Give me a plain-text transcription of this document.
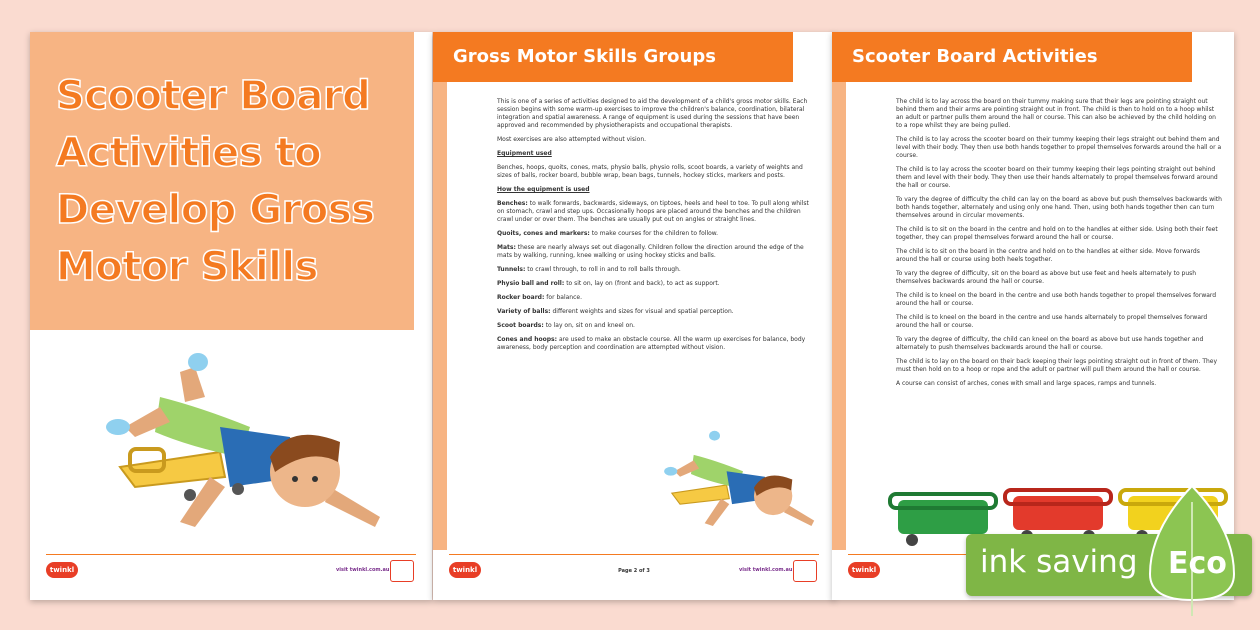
Scooter Board Activities to Develop Gross Motor Skills
twinkl	visit twinkl.com.au
Gross Motor Skills Groups

This is one of a series of activities designed to aid the development of a child's gross motor skills. Each session begins with some warm-up exercises to improve the children's balance, coordination, bilateral integration and spatial awareness. A range of equipment is used during the sessions that have been approved and recommended by physiotherapists and occupational therapists.

Most exercises are also attempted without vision.

Equipment used

Benches, hoops, quoits, cones, mats, physio balls, physio rolls, scoot boards, a variety of weights and sizes of balls, rocker board, bubble wrap, bean bags, tunnels, hockey sticks, markers and posts.

How the equipment is used

Benches: to walk forwards, backwards, sideways, on tiptoes, heels and heel to toe. To pull along whilst on stomach, crawl and step ups. Occasionally hoops are placed around the benches and the children crawl under or over them. The benches are usually put out on angles or straight lines.

Quoits, cones and markers: to make courses for the children to follow.

Mats: these are nearly always set out diagonally. Children follow the direction around the edge of the mats by walking, running, knee walking or using hockey sticks and balls.

Tunnels: to crawl through, to roll in and to roll balls through.

Physio ball and roll: to sit on, lay on (front and back), to act as support.

Rocker board: for balance.

Variety of balls: different weights and sizes for visual and spatial perception.

Scoot boards: to lay on, sit on and kneel on.

Cones and hoops: are used to make an obstacle course. All the warm up exercises for balance, body awareness, body perception and coordination are attempted without vision.

twinkl	Page 2 of 3	visit twinkl.com.au
Scooter Board Activities

The child is to lay across the board on their tummy making sure that their legs are pointing straight out behind them and their arms are pointing straight out in front. The child is then to hold on to a hoop whilst an adult or partner pulls them around the hall or course. This can also be achieved by the child holding on to a rope whilst they are being pulled.

The child is to lay across the scooter board on their tummy keeping their legs straight out behind them and level with their body. They then use both hands together to propel themselves forwards around the hall or a course.

The child is to lay across the scooter board on their tummy keeping their legs pointing straight out behind them and level with their body. They then use their hands alternately to propel themselves forward around the hall or course.

To vary the degree of difficulty the child can lay on the board as above but push themselves backwards with both hands together, alternately and using only one hand. Then, using both hands together then can turn themselves around in circular movements.

The child is to sit on the board in the centre and hold on to the handles at either side. Using both their feet together, they can propel themselves forward around the hall or course.

The child is to sit on the board in the centre and hold on to the handles at either side. Move forwards around the hall or course using both heels together.

To vary the degree of difficulty, sit on the board as above but use feet and heels alternately to push themselves backwards around the hall or course.

The child is to kneel on the board in the centre and use both hands together to propel themselves forward around the hall or course.

The child is to kneel on the board in the centre and use hands alternately to propel themselves forward around the hall or course.

To vary the degree of difficulty, the child can kneel on the board as above but use hands together and alternately to push themselves backwards around the hall or course.

The child is to lay on the board on their back keeping their legs pointing straight out in front of them. They must then hold on to a hoop or rope and the adult or partner will pull them around the hall or course.

A course can consist of arches, cones with small and large spaces, ramps and tunnels.

twinkl	ink saving Eco
